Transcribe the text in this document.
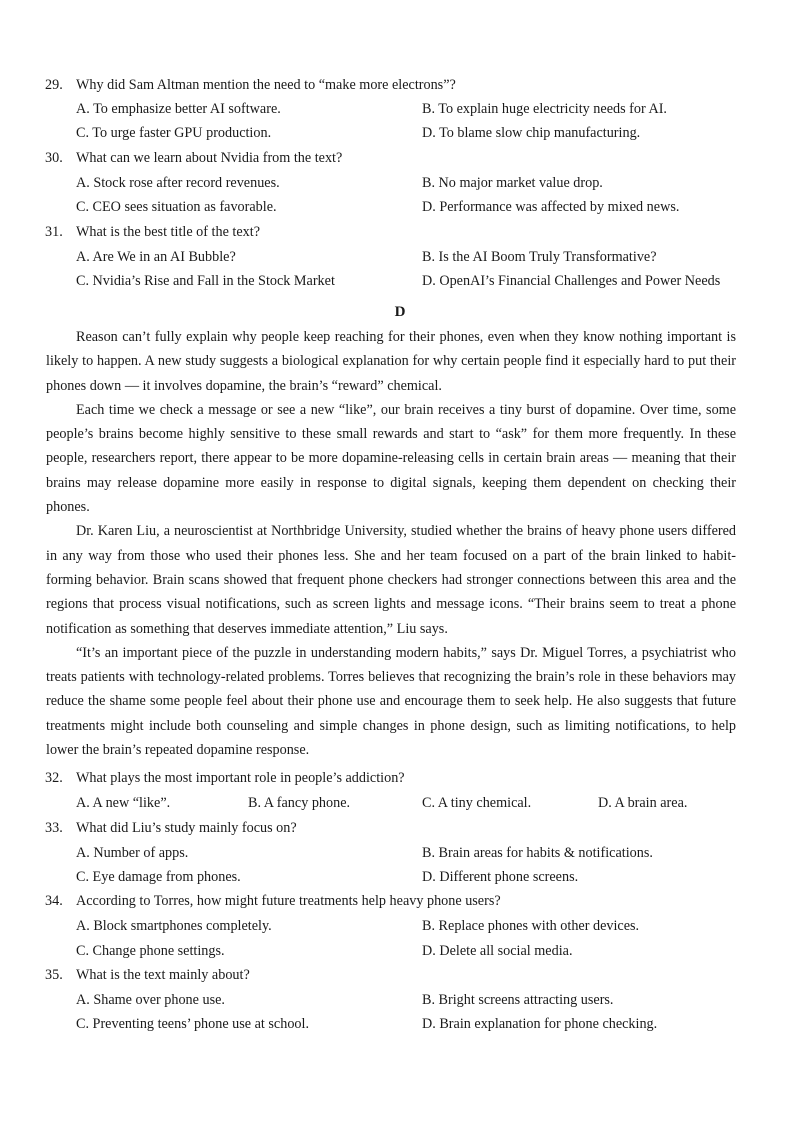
29. Why did Sam Altman mention the need to “make more electrons”?
A. To emphasize better AI software.	B. To explain huge electricity needs for AI.
C. To urge faster GPU production.	D. To blame slow chip manufacturing.
30. What can we learn about Nvidia from the text?
A. Stock rose after record revenues.	B. No major market value drop.
C. CEO sees situation as favorable.	D. Performance was affected by mixed news.
31. What is the best title of the text?
A. Are We in an AI Bubble?	B. Is the AI Boom Truly Transformative?
C. Nvidia’s Rise and Fall in the Stock Market	D. OpenAI’s Financial Challenges and Power Needs
D

Reason can’t fully explain why people keep reaching for their phones, even when they know nothing important is likely to happen. A new study suggests a biological explanation for why certain people find it especially hard to put their phones down — it involves dopamine, the brain’s “reward” chemical.

Each time we check a message or see a new “like”, our brain receives a tiny burst of dopamine. Over time, some people’s brains become highly sensitive to these small rewards and start to “ask” for them more frequently. In these people, researchers report, there appear to be more dopamine-releasing cells in certain brain areas — meaning that their brains may release dopamine more easily in response to digital signals, keeping them dependent on checking their phones.

Dr. Karen Liu, a neuroscientist at Northbridge University, studied whether the brains of heavy phone users differed in any way from those who used their phones less. She and her team focused on a part of the brain linked to habit-forming behavior. Brain scans showed that frequent phone checkers had stronger connections between this area and the regions that process visual notifications, such as screen lights and message icons. “Their brains seem to treat a phone notification as something that deserves immediate attention,” Liu says.

“It’s an important piece of the puzzle in understanding modern habits,” says Dr. Miguel Torres, a psychiatrist who treats patients with technology-related problems. Torres believes that recognizing the brain’s role in these behaviors may reduce the shame some people feel about their phone use and encourage them to seek help. He also suggests that future treatments might include both counseling and simple changes in phone design, such as limiting notifications, to help lower the brain’s repeated dopamine response.

32. What plays the most important role in people’s addiction?
A. A new “like”.	B. A fancy phone.	C. A tiny chemical.	D. A brain area.
33. What did Liu’s study mainly focus on?
A. Number of apps.	B. Brain areas for habits & notifications.
C. Eye damage from phones.	D. Different phone screens.
34. According to Torres, how might future treatments help heavy phone users?
A. Block smartphones completely.	B. Replace phones with other devices.
C. Change phone settings.	D. Delete all social media.
35. What is the text mainly about?
A. Shame over phone use.	B. Bright screens attracting users.
C. Preventing teens’ phone use at school.	D. Brain explanation for phone checking.
